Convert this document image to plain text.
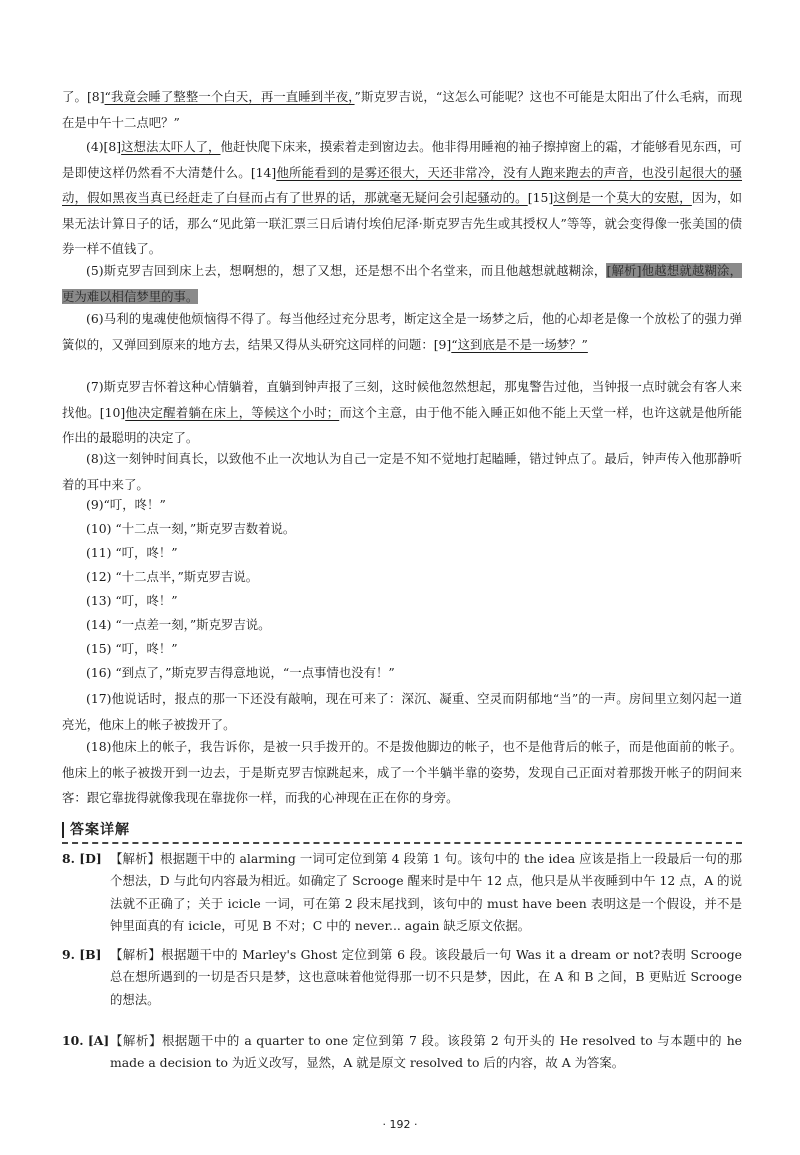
了。[8]“我竟会睡了整整一个白天，再一直睡到半夜，”斯克罗吉说，“这怎么可能呢？这也不可能是太阳出了什么毛病，而现在是中午十二点吧？”

(4)[8]这想法太吓人了，他赶快爬下床来，摸索着走到窗边去。他非得用睡袍的袖子擦掉窗上的霜，才能够看见东西，可是即使这样仍然看不大清楚什么。[14]他所能看到的是雾还很大，天还非常冷，没有人跑来跑去的声音，也没引起很大的骚动，假如黑夜当真已经赶走了白昼而占有了世界的话，那就毫无疑问会引起骚动的。[15]这倒是一个莫大的安慰，因为，如果无法计算日子的话，那么“见此第一联汇票三日后请付埃伯尼泽·斯克罗吉先生或其授权人”等等，就会变得像一张美国的债券一样不值钱了。

(5)斯克罗吉回到床上去，想啊想的，想了又想，还是想不出个名堂来，而且他越想就越糊涂，[解析]他越想就越糊涂，更为难以相信梦里的事。

(6)马利的鬼魂使他烦恼得不得了。每当他经过充分思考，断定这全是一场梦之后，他的心却老是像一个放松了的强力弹簧似的，又弹回到原来的地方去，结果又得从头研究这同样的问题：[9]“这到底是不是一场梦？”

(7)斯克罗吉怀着这种心情躺着，直躺到钟声报了三刻，这时候他忽然想起，那鬼警告过他，当钟报一点时就会有客人来找他。[10]他决定醒着躺在床上，等候这个小时；而这个主意，由于他不能入睡正如他不能上天堂一样，也许这就是他所能作出的最聪明的决定了。

(8)这一刻钟时间真长，以致他不止一次地认为自己一定是不知不觉地打起瞌睡，错过钟点了。最后，钟声传入他那静听着的耳中来了。

(9)“叮，咚！”
(10) “十二点一刻，”斯克罗吉数着说。
(11) “叮，咚！”
(12) “十二点半，”斯克罗吉说。
(13) “叮，咚！”
(14) “一点差一刻，”斯克罗吉说。
(15) “叮，咚！”
(16) “到点了，”斯克罗吉得意地说，“一点事情也没有！”

(17)他说话时，报点的那一下还没有敲响，现在可来了：深沉、凝重、空灵而阴郁地“当”的一声。房间里立刻闪起一道亮光，他床上的帐子被拨开了。

(18)他床上的帐子，我告诉你，是被一只手拨开的。不是拨他脚边的帐子，也不是他背后的帐子，而是他面前的帐子。他床上的帐子被拨开到一边去，于是斯克罗吉惊跳起来，成了一个半躺半靠的姿势，发现自己正面对着那拨开帐子的阴间来客：跟它靠拢得就像我现在靠拢你一样，而我的心神现在正在你的身旁。

答案详解
8. [D] 【解析】根据题干中的 alarming 一词可定位到第 4 段第 1 句。该句中的 the idea 应该是指上一段最后一句的那个想法，D 与此句内容最为相近。如确定了 Scrooge 醒来时是中午 12 点，他只是从半夜睡到中午 12 点，A 的说法就不正确了；关于 icicle 一词，可在第 2 段末尾找到，该句中的 must have been 表明这是一个假设，并不是钟里面真的有 icicle，可见 B 不对；C 中的 never... again 缺乏原文依据。
9. [B] 【解析】根据题干中的 Marley's Ghost 定位到第 6 段。该段最后一句 Was it a dream or not?表明 Scrooge 总在想所遇到的一切是否只是梦，这也意味着他觉得那一切不只是梦，因此，在 A 和 B 之间，B 更贴近 Scrooge 的想法。
10. [A] 【解析】根据题干中的 a quarter to one 定位到第 7 段。该段第 2 句开头的 He resolved to 与本题中的 he made a decision to 为近义改写，显然，A 就是原文 resolved to 后的内容，故 A 为答案。
· 192 ·
